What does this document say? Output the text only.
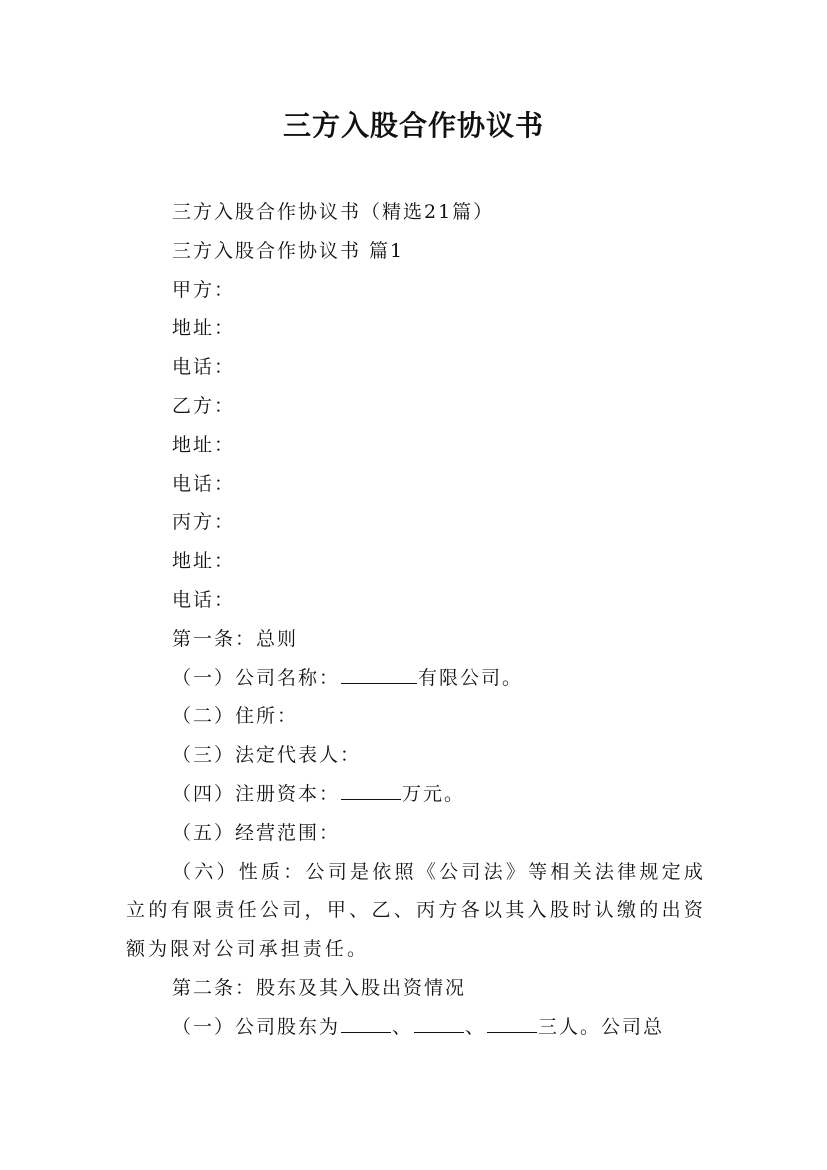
三方入股合作协议书
三方入股合作协议书（精选21篇）
三方入股合作协议书 篇1
甲方：
地址：
电话：
乙方：
地址：
电话：
丙方：
地址：
电话：
第一条：总则
（一）公司名称：	有限公司。
（二）住所：
（三）法定代表人：
（四）注册资本：	万元。
（五）经营范围：
（六）性质：公司是依照《公司法》等相关法律规定成立的有限责任公司，甲、乙、丙方各以其入股时认缴的出资额为限对公司承担责任。
第二条：股东及其入股出资情况
（一）公司股东为	、	、	三人。公司总
